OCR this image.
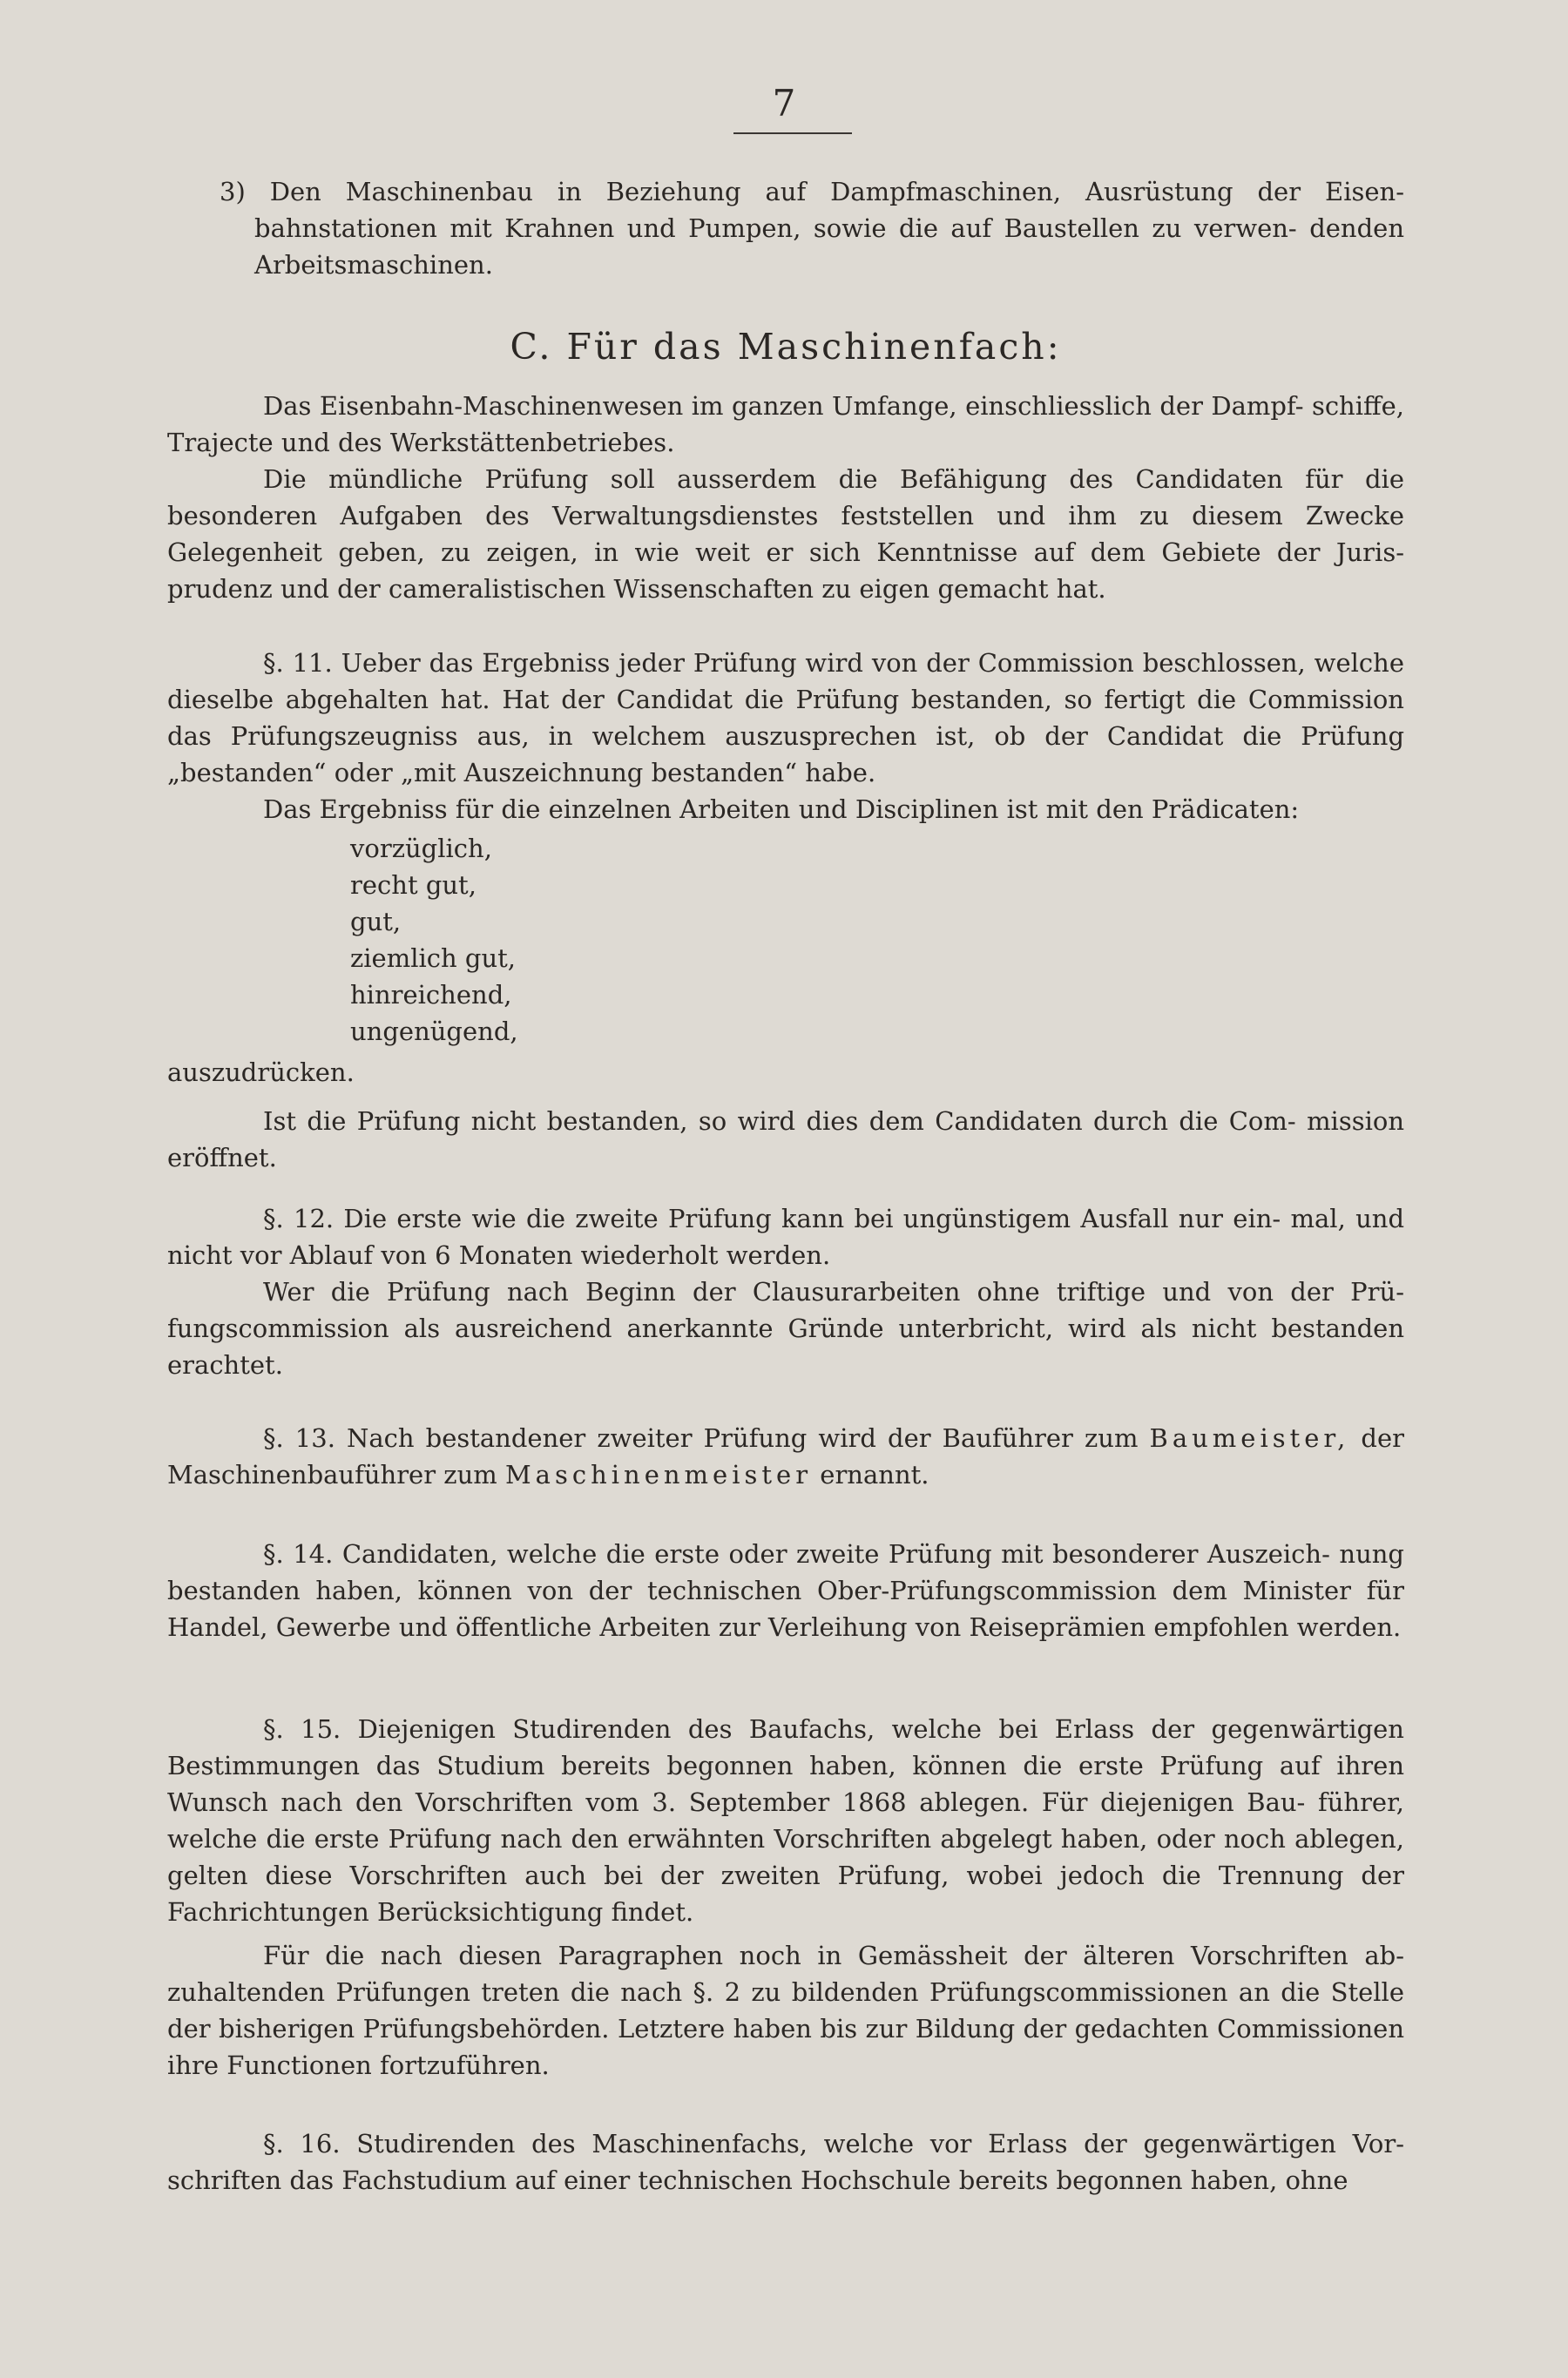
7

3) Den Maschinenbau in Beziehung auf Dampfmaschinen, Ausrüstung der Eisen- bahnstationen mit Krahnen und Pumpen, sowie die auf Baustellen zu verwen- denden Arbeitsmaschinen.

C. Für das Maschinenfach:

Das Eisenbahn-Maschinenwesen im ganzen Umfange, einschliesslich der Dampf- schiffe, Trajecte und des Werkstättenbetriebes.

Die mündliche Prüfung soll ausserdem die Befähigung des Candidaten für die besonderen Aufgaben des Verwaltungsdienstes feststellen und ihm zu diesem Zwecke Gelegenheit geben, zu zeigen, in wie weit er sich Kenntnisse auf dem Gebiete der Juris- prudenz und der cameralistischen Wissenschaften zu eigen gemacht hat.

§. 11. Ueber das Ergebniss jeder Prüfung wird von der Commission beschlossen, welche dieselbe abgehalten hat. Hat der Candidat die Prüfung bestanden, so fertigt die Commission das Prüfungszeugniss aus, in welchem auszusprechen ist, ob der Candidat die Prüfung „bestanden“ oder „mit Auszeichnung bestanden“ habe.

Das Ergebniss für die einzelnen Arbeiten und Disciplinen ist mit den Prädicaten:

vorzüglich,
recht gut,
gut,
ziemlich gut,
hinreichend,
ungenügend,

auszudrücken.

Ist die Prüfung nicht bestanden, so wird dies dem Candidaten durch die Com- mission eröffnet.

§. 12. Die erste wie die zweite Prüfung kann bei ungünstigem Ausfall nur ein- mal, und nicht vor Ablauf von 6 Monaten wiederholt werden.

Wer die Prüfung nach Beginn der Clausurarbeiten ohne triftige und von der Prü- fungscommission als ausreichend anerkannte Gründe unterbricht, wird als nicht bestanden erachtet.

§. 13. Nach bestandener zweiter Prüfung wird der Bauführer zum Baumeister, der Maschinenbauführer zum Maschinenmeister ernannt.

§. 14. Candidaten, welche die erste oder zweite Prüfung mit besonderer Auszeich- nung bestanden haben, können von der technischen Ober-Prüfungscommission dem Minister für Handel, Gewerbe und öffentliche Arbeiten zur Verleihung von Reiseprämien empfohlen werden.

§. 15. Diejenigen Studirenden des Baufachs, welche bei Erlass der gegenwärtigen Bestimmungen das Studium bereits begonnen haben, können die erste Prüfung auf ihren Wunsch nach den Vorschriften vom 3. September 1868 ablegen. Für diejenigen Bau- führer, welche die erste Prüfung nach den erwähnten Vorschriften abgelegt haben, oder noch ablegen, gelten diese Vorschriften auch bei der zweiten Prüfung, wobei jedoch die Trennung der Fachrichtungen Berücksichtigung findet.

Für die nach diesen Paragraphen noch in Gemässheit der älteren Vorschriften ab- zuhaltenden Prüfungen treten die nach §. 2 zu bildenden Prüfungscommissionen an die Stelle der bisherigen Prüfungsbehörden. Letztere haben bis zur Bildung der gedachten Commissionen ihre Functionen fortzuführen.

§. 16. Studirenden des Maschinenfachs, welche vor Erlass der gegenwärtigen Vor- schriften das Fachstudium auf einer technischen Hochschule bereits begonnen haben, ohne
